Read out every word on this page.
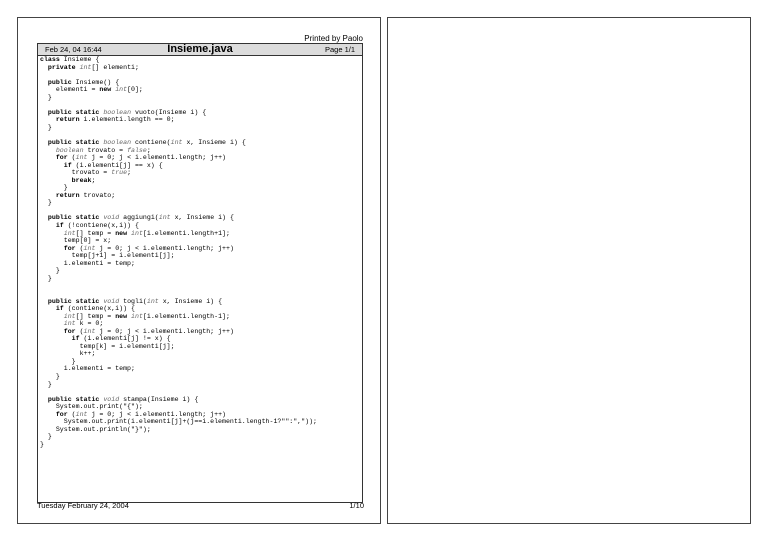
Printed by Paolo
Feb 24, 04 16:44	Insieme.java	Page 1/1
class Insieme {
private int[] elementi;

public Insieme() {
elementi = new int[0];
}

public static boolean vuoto(Insieme i) {
return i.elementi.length == 0;
}

public static boolean contiene(int x, Insieme i) {
boolean trovato = false;
for (int j = 0; j < i.elementi.length; j++)
if (i.elementi[j] == x) {
trovato = true;
break;
}
return trovato;
}

public static void aggiungi(int x, Insieme i) {
if (!contiene(x,i)) {
int[] temp = new int[i.elementi.length+1];
temp[0] = x;
for (int j = 0; j < i.elementi.length; j++)
temp[j+1] = i.elementi[j];
i.elementi = temp;
}
}

public static void togli(int x, Insieme i) {
if (contiene(x,i)) {
int[] temp = new int[i.elementi.length-1];
int k = 0;
for (int j = 0; j < i.elementi.length; j++)
if (i.elementi[j] != x) {
temp[k] = i.elementi[j];
k++;
}
i.elementi = temp;
}
}

public static void stampa(Insieme i) {
System.out.print("{");
for (int j = 0; j < i.elementi.length; j++)
System.out.print(i.elementi[j]+(j==i.elementi.length-1?"":","));
System.out.println("}");
}
}

Tuesday February 24, 2004	1/10
